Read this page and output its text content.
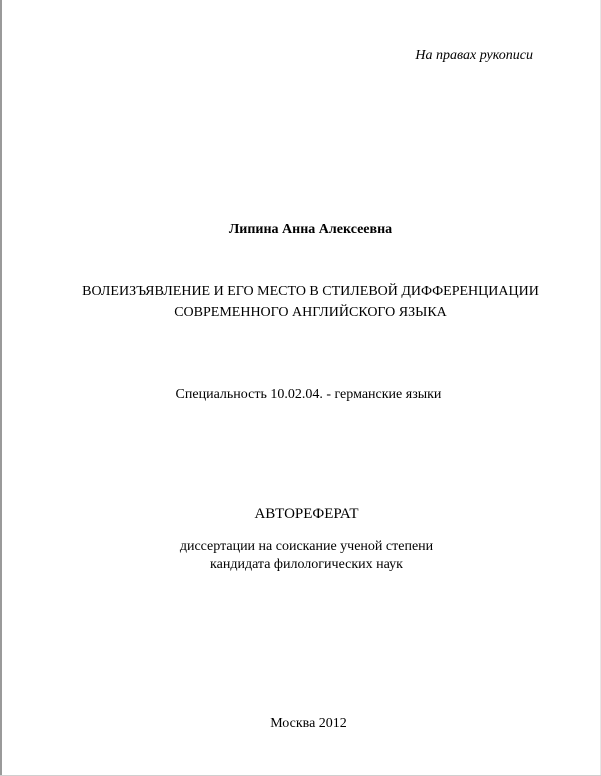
На правах рукописи
Липина Анна Алексеевна
ВОЛЕИЗЪЯВЛЕНИЕ И ЕГО МЕСТО В СТИЛЕВОЙ ДИФФЕРЕНЦИАЦИИ
СОВРЕМЕННОГО АНГЛИЙСКОГО ЯЗЫКА
Специальность 10.02.04. - германские языки
АВТОРЕФЕРАТ
диссертации на соискание ученой степени
кандидата филологических наук
Москва 2012
